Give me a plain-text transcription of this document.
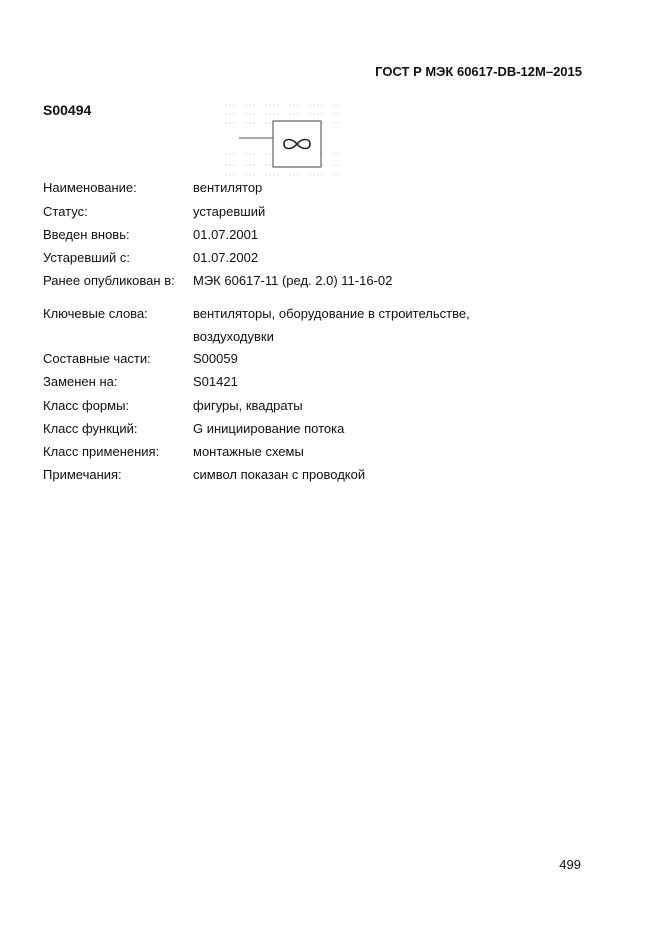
ГОСТ Р МЭК 60617-DB-12M–2015
S00494
Наименование:	вентилятор
Статус:	устаревший
Введен вновь:	01.07.2001
Устаревший с:	01.07.2002
Ранее опубликован в: МЭК 60617-11 (ред. 2.0) 11-16-02
Ключевые слова:	вентиляторы, оборудование в строительстве, воздуходувки
Составные части:	S00059
Заменен на:	S01421
Класс формы:	фигуры, квадраты
Класс функций:	G инициирование потока
Класс применения:	монтажные схемы
Примечания:	символ показан с проводкой
499
